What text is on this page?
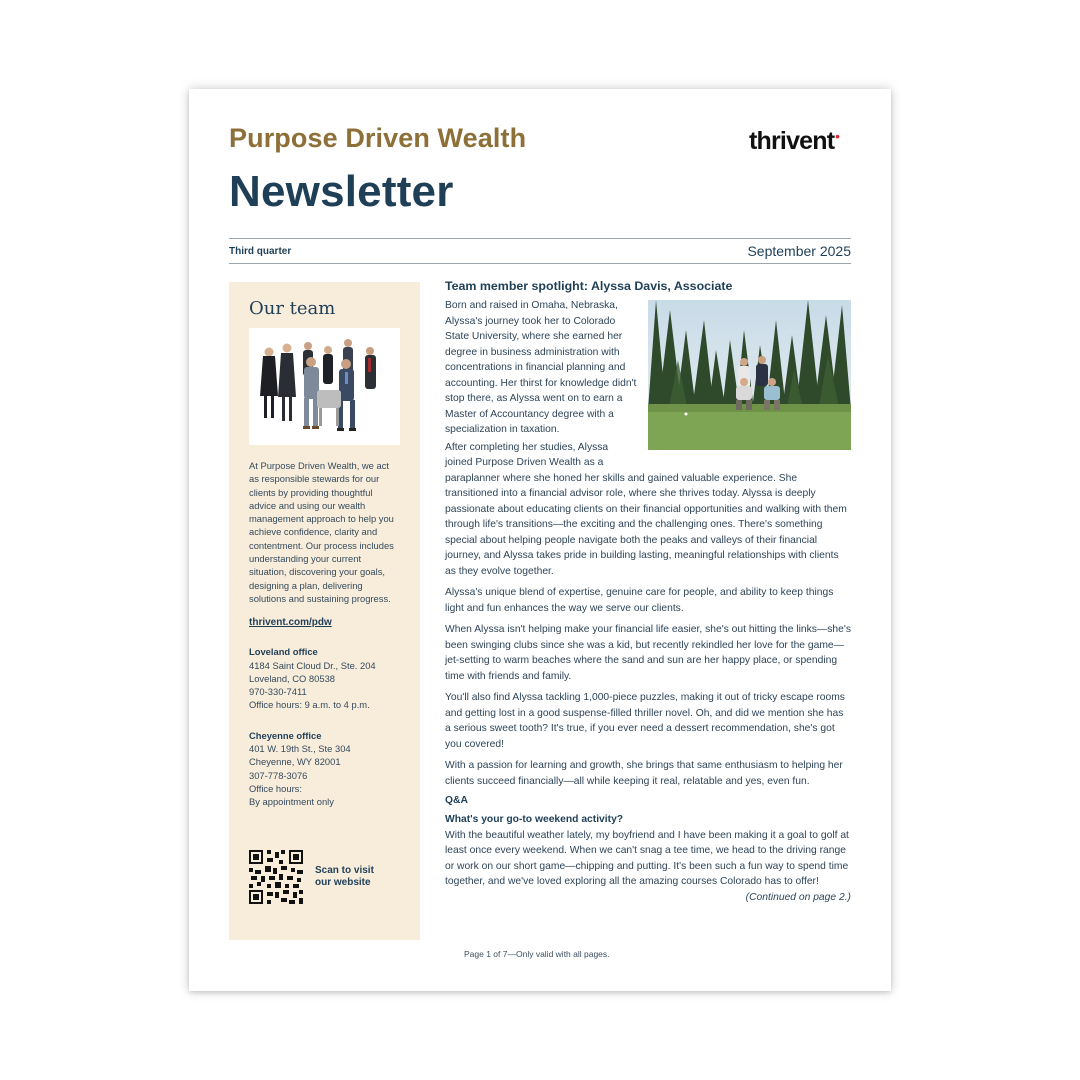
Purpose Driven Wealth	thrivent•
Newsletter
Third quarter	September 2025
Our team
At Purpose Driven Wealth, we act as responsible stewards for our clients by providing thoughtful advice and using our wealth management approach to help you achieve confidence, clarity and contentment. Our process includes understanding your current situation, discovering your goals, designing a plan, delivering solutions and sustaining progress.
thrivent.com/pdw
Loveland office
4184 Saint Cloud Dr., Ste. 204
Loveland, CO 80538
970-330-7411
Office hours: 9 a.m. to 4 p.m.
Cheyenne office
401 W. 19th St., Ste 304
Cheyenne, WY 82001
307-778-3076
Office hours:
By appointment only
Scan to visit
our website
Team member spotlight: Alyssa Davis, Associate
Born and raised in Omaha, Nebraska, Alyssa's journey took her to Colorado State University, where she earned her degree in business administration with concentrations in financial planning and accounting. Her thirst for knowledge didn't stop there, as Alyssa went on to earn a Master of Accountancy degree with a specialization in taxation.
After completing her studies, Alyssa joined Purpose Driven Wealth as a paraplanner where she honed her skills and gained valuable experience. She transitioned into a financial advisor role, where she thrives today. Alyssa is deeply passionate about educating clients on their financial opportunities and walking with them through life's transitions—the exciting and the challenging ones. There's something special about helping people navigate both the peaks and valleys of their financial journey, and Alyssa takes pride in building lasting, meaningful relationships with clients as they evolve together.
Alyssa's unique blend of expertise, genuine care for people, and ability to keep things light and fun enhances the way we serve our clients.
When Alyssa isn't helping make your financial life easier, she's out hitting the links—she's been swinging clubs since she was a kid, but recently rekindled her love for the game—jet-setting to warm beaches where the sand and sun are her happy place, or spending time with friends and family.
You'll also find Alyssa tackling 1,000-piece puzzles, making it out of tricky escape rooms and getting lost in a good suspense-filled thriller novel. Oh, and did we mention she has a serious sweet tooth? It's true, if you ever need a dessert recommendation, she's got you covered!
With a passion for learning and growth, she brings that same enthusiasm to helping her clients succeed financially—all while keeping it real, relatable and yes, even fun.
Q&A
What's your go-to weekend activity?
With the beautiful weather lately, my boyfriend and I have been making it a goal to golf at least once every weekend. When we can't snag a tee time, we head to the driving range or work on our short game—chipping and putting. It's been such a fun way to spend time together, and we've loved exploring all the amazing courses Colorado has to offer!
(Continued on page 2.)
Page 1 of 7—Only valid with all pages.
